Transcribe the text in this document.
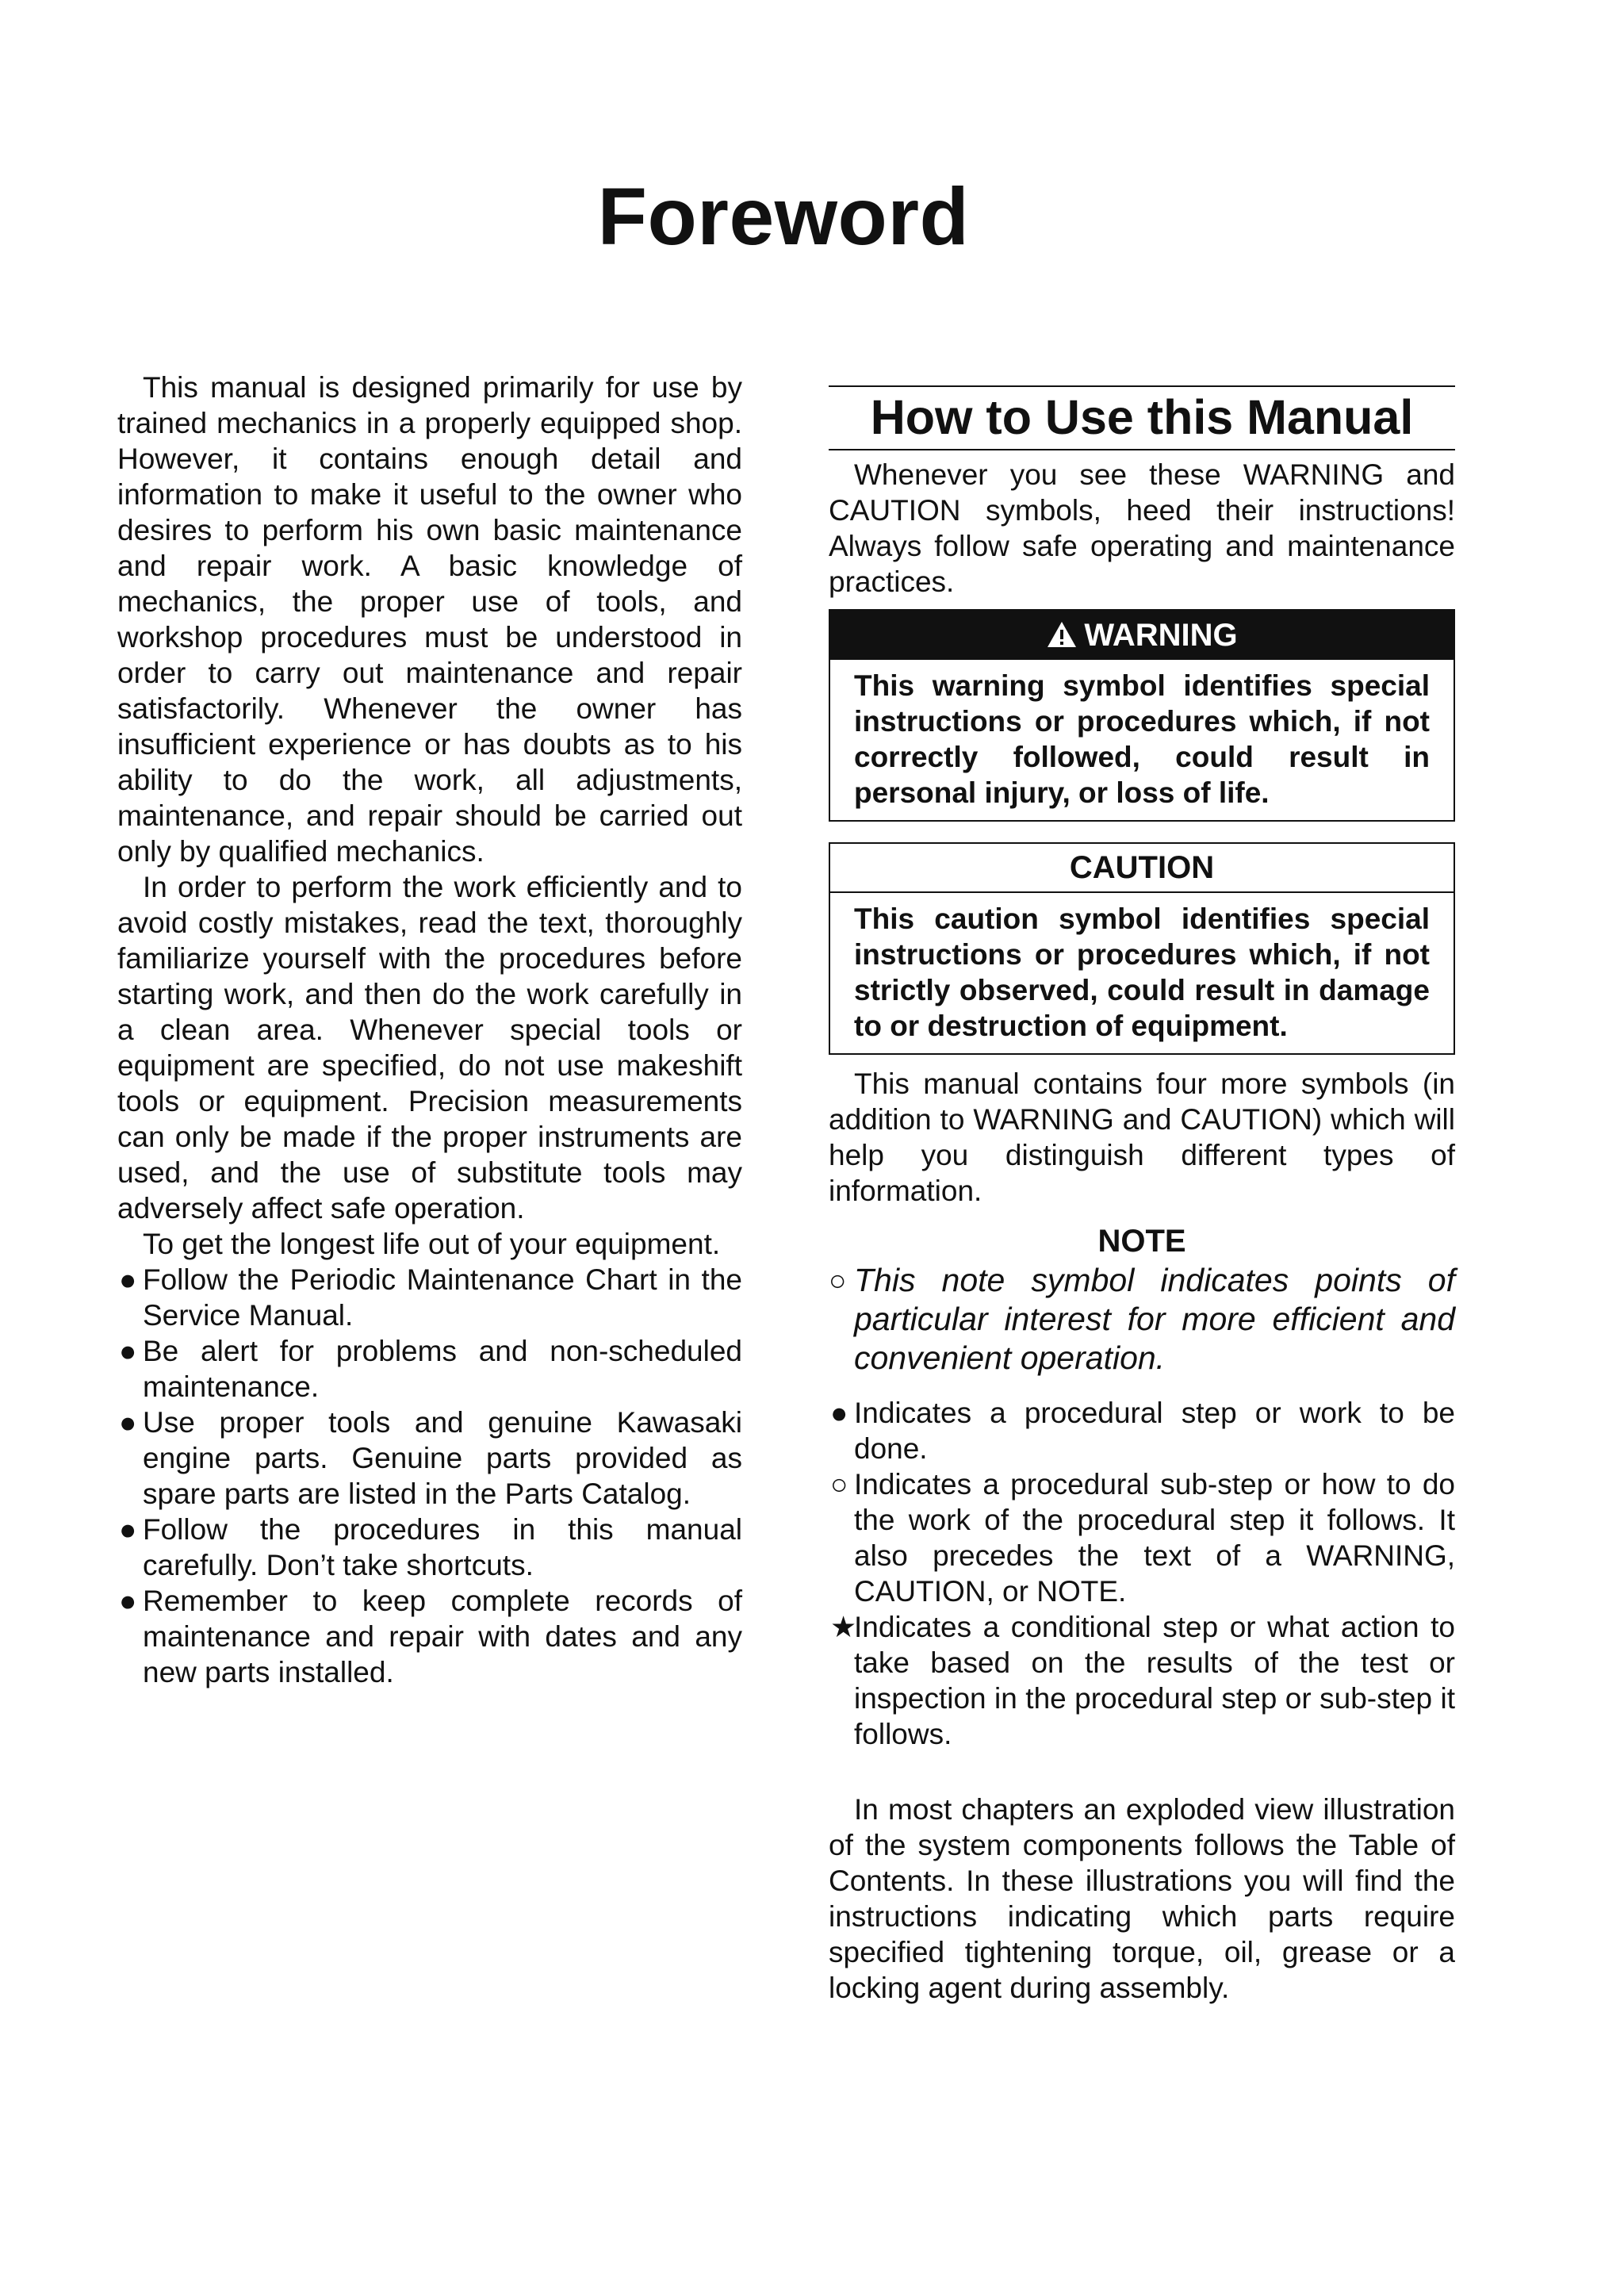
Foreword

This manual is designed primarily for use by trained mechanics in a properly equipped shop. However, it contains enough detail and information to make it useful to the owner who desires to perform his own basic maintenance and repair work. A basic knowledge of mechanics, the proper use of tools, and workshop procedures must be understood in order to carry out maintenance and repair satisfactorily. Whenever the owner has insufficient experience or has doubts as to his ability to do the work, all adjustments, maintenance, and repair should be carried out only by qualified mechanics.

In order to perform the work efficiently and to avoid costly mistakes, read the text, thoroughly familiarize yourself with the procedures before starting work, and then do the work carefully in a clean area. Whenever special tools or equipment are specified, do not use makeshift tools or equipment. Precision measurements can only be made if the proper instruments are used, and the use of substitute tools may adversely affect safe operation.

To get the longest life out of your equipment.

● Follow the Periodic Maintenance Chart in the Service Manual.
● Be alert for problems and non-scheduled maintenance.
● Use proper tools and genuine Kawasaki engine parts. Genuine parts provided as spare parts are listed in the Parts Catalog.
● Follow the procedures in this manual carefully. Don’t take shortcuts.
● Remember to keep complete records of maintenance and repair with dates and any new parts installed.
How to Use this Manual

Whenever you see these WARNING and CAUTION symbols, heed their instructions! Always follow safe operating and maintenance practices.

WARNING
This warning symbol identifies special instructions or procedures which, if not correctly followed, could result in personal injury, or loss of life.
CAUTION
This caution symbol identifies special instructions or procedures which, if not strictly observed, could result in damage to or destruction of equipment.

This manual contains four more symbols (in addition to WARNING and CAUTION) which will help you distinguish different types of information.

NOTE
○ This note symbol indicates points of particular interest for more efficient and convenient operation.
● Indicates a procedural step or work to be done.
○ Indicates a procedural sub-step or how to do the work of the procedural step it follows. It also precedes the text of a WARNING, CAUTION, or NOTE.
★
Indicates a conditional step or what action to take based on the results of the test or inspection in the procedural step or sub-step it follows.

In most chapters an exploded view illustration of the system components follows the Table of Contents. In these illustrations you will find the instructions indicating which parts require specified tightening torque, oil, grease or a locking agent during assembly.
